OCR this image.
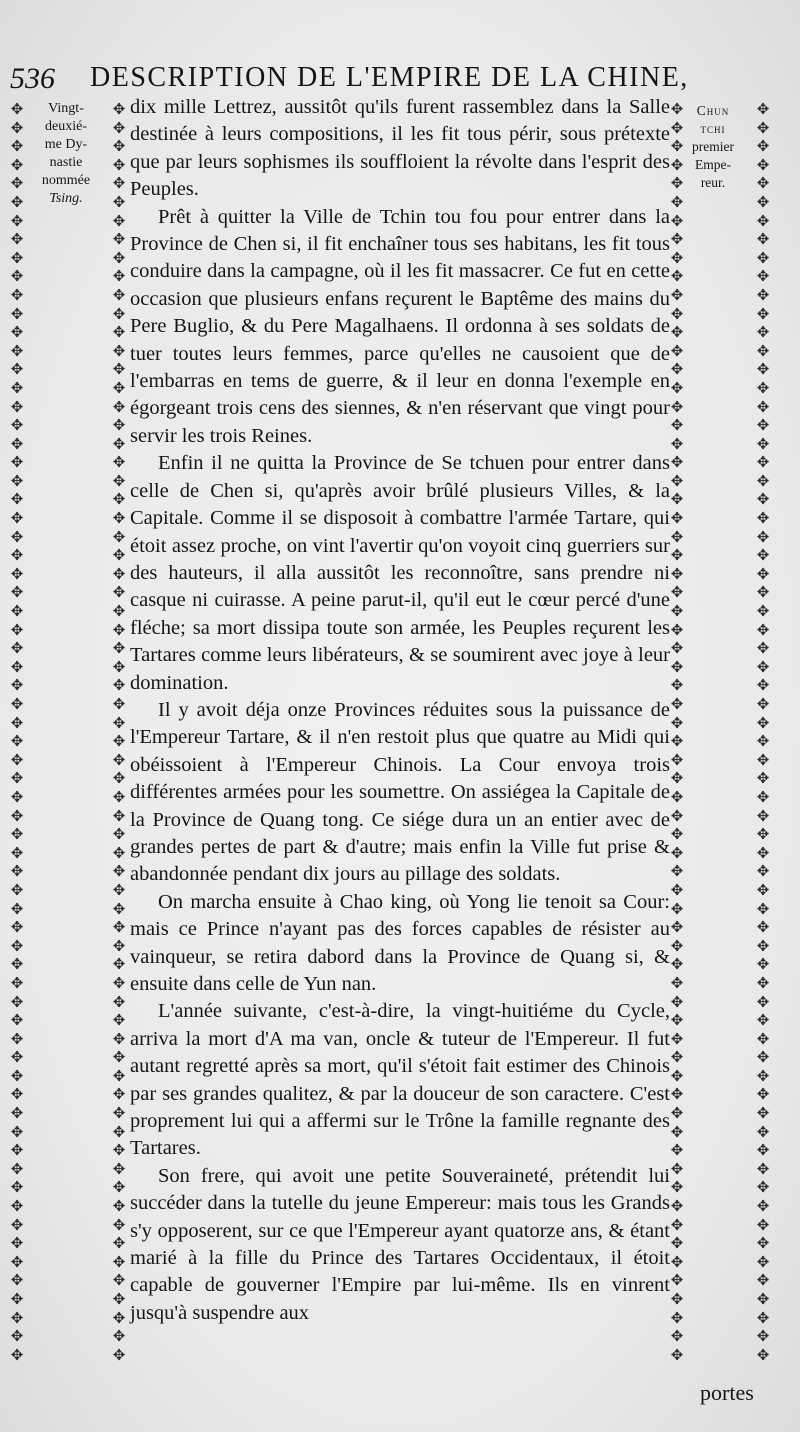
536 DESCRIPTION DE L'EMPIRE DE LA CHINE,
✥
✥
✥
✥
✥
✥
✥
✥
✥
✥
✥
✥
✥
✥
✥
✥
✥
✥
✥
✥
✥
✥
✥
✥
✥
✥
✥
✥
✥
✥
✥
✥
✥
✥
✥
✥
✥
✥
✥
✥
✥
✥
✥
✥
✥
✥
✥
✥
✥
✥
✥
✥
✥
✥
✥
✥
✥
✥
✥
✥
✥
✥
✥
✥
✥
✥
✥
✥
✥
✥
✥
✥
✥
✥
✥
✥
✥
✥
✥
✥
✥
✥
✥
✥
✥
✥
✥
✥
✥
✥
✥
✥
✥
✥
✥
✥
✥
✥
✥
✥
✥
✥
✥
✥
✥
✥
✥
✥
✥
✥
✥
✥
✥
✥
✥
✥
✥
✥
✥
✥
✥
✥
✥
✥
✥
✥
✥
✥
✥
✥
✥
✥
✥
✥
✥
✥
✥
✥
✥
✥
✥
✥
✥
✥
✥
✥
✥
✥
✥
✥
✥
✥
✥
✥
✥
✥
✥
✥
✥
✥
✥
✥
✥
✥
✥
✥
✥
✥
✥
✥
✥
✥
✥
✥
✥
✥
✥
✥
✥
✥
✥
✥
✥
✥
✥
✥
✥
✥
✥
✥
✥
✥
✥
✥
✥
✥
✥
✥
✥
✥
✥
✥
✥
✥
✥
✥
✥
✥
✥
✥
✥
✥
✥
✥
✥
✥
✥
✥
✥
✥
✥
✥
✥
✥
✥
✥
✥
✥
✥
✥
✥
✥
✥
✥
✥
✥
✥
✥
✥
✥
✥
✥
✥
✥
✥
✥
✥
✥
✥
✥
✥
✥
✥
✥
✥
✥
✥
✥
✥
✥
✥
✥
✥
✥
✥
✥
✥
✥
✥
✥
✥
✥
Vingt-
deuxié-
me Dy-
nastie
nommée
Tsing.
Chun
tchi
premier
Empe-
reur.

dix mille Lettrez, aussitôt qu'ils furent rassemblez dans la Salle destinée à leurs compositions, il les fit tous périr, sous prétexte que par leurs sophismes ils souffloient la révolte dans l'esprit des Peuples.

Prêt à quitter la Ville de Tchin tou fou pour entrer dans la Province de Chen si, il fit enchaîner tous ses habitans, les fit tous conduire dans la campagne, où il les fit massacrer. Ce fut en cette occasion que plusieurs enfans reçurent le Baptême des mains du Pere Buglio, & du Pere Magalhaens. Il ordonna à ses soldats de tuer toutes leurs femmes, parce qu'elles ne causoient que de l'embarras en tems de guerre, & il leur en donna l'exemple en égorgeant trois cens des siennes, & n'en réservant que vingt pour servir les trois Reines.

Enfin il ne quitta la Province de Se tchuen pour entrer dans celle de Chen si, qu'après avoir brûlé plusieurs Villes, & la Capitale. Comme il se disposoit à combattre l'armée Tartare, qui étoit assez proche, on vint l'avertir qu'on voyoit cinq guerriers sur des hauteurs, il alla aussitôt les reconnoître, sans prendre ni casque ni cuirasse. A peine parut-il, qu'il eut le cœur percé d'une fléche; sa mort dissipa toute son armée, les Peuples reçurent les Tartares comme leurs libérateurs, & se soumirent avec joye à leur domination.

Il y avoit déja onze Provinces réduites sous la puissance de l'Empereur Tartare, & il n'en restoit plus que quatre au Midi qui obéissoient à l'Empereur Chinois. La Cour envoya trois différentes armées pour les soumettre. On assiégea la Capitale de la Province de Quang tong. Ce siége dura un an entier avec de grandes pertes de part & d'autre; mais enfin la Ville fut prise & abandonnée pendant dix jours au pillage des soldats.

On marcha ensuite à Chao king, où Yong lie tenoit sa Cour: mais ce Prince n'ayant pas des forces capables de résister au vainqueur, se retira dabord dans la Province de Quang si, & ensuite dans celle de Yun nan.

L'année suivante, c'est-à-dire, la vingt-huitiéme du Cycle, arriva la mort d'A ma van, oncle & tuteur de l'Empereur. Il fut autant regretté après sa mort, qu'il s'étoit fait estimer des Chinois par ses grandes qualitez, & par la douceur de son caractere. C'est proprement lui qui a affermi sur le Trône la famille regnante des Tartares.

Son frere, qui avoit une petite Souveraineté, prétendit lui succéder dans la tutelle du jeune Empereur: mais tous les Grands s'y opposerent, sur ce que l'Empereur ayant quatorze ans, & étant marié à la fille du Prince des Tartares Occidentaux, il étoit capable de gouverner l'Empire par lui-même. Ils en vinrent jusqu'à suspendre aux

portes
